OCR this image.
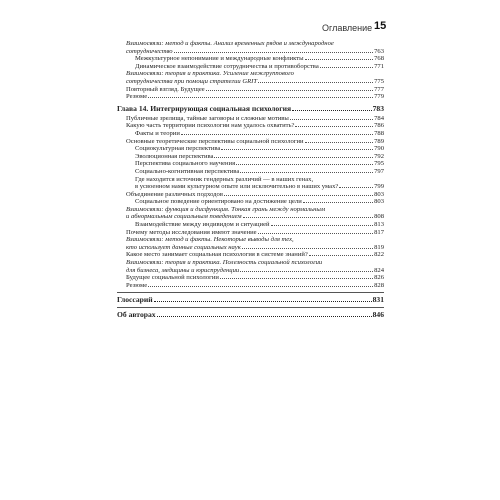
Оглавление 15
Взаимосвязи: метод и факты. Анализ временных рядов и международное
сотрудничество	763
Межкультурное непонимание и международные конфликты	768
Динамическое взаимодействие сотрудничества и противоборства	771
Взаимосвязи: теория и практика. Усиление межгруппового
сотрудничества при помощи стратегии GRIT	775
Повторный взгляд. Будущее	777
Резюме	779
Глава 14. Интегрирующая социальная психология	783
Публичные зрелища, тайные заговоры и сложные мотивы	784
Какую часть территории психологии нам удалось охватить?	786
Факты и теории	788
Основные теоретические перспективы социальной психологии	789
Социокультурная перспектива	790
Эволюционная перспектива	792
Перспектива социального научения	795
Социально-когнитивная перспектива	797
Где находится источник гендерных различий — в наших генах,
в усвоенном нами культурном опыте или исключительно в наших умах?	799
Объединение различных подходов	803
Социальное поведение ориентировано на достижение цели	803
Взаимосвязи: функция и дисфункция. Тонкая грань между нормальным
и абнормальным социальным поведением	808
Взаимодействие между индивидом и ситуацией	813
Почему методы исследования имеют значение	817
Взаимосвязи: метод и факты. Некоторые выводы для тех,
кто использует данные социальных наук	819
Какое место занимает социальная психология в системе знаний?	822
Взаимосвязи: теория и практика. Полезность социальной психологии
для бизнеса, медицины и юриспруденции	824
Будущее социальной психологии	826
Резюме	828
Глоссарий	831
Об авторах	846
